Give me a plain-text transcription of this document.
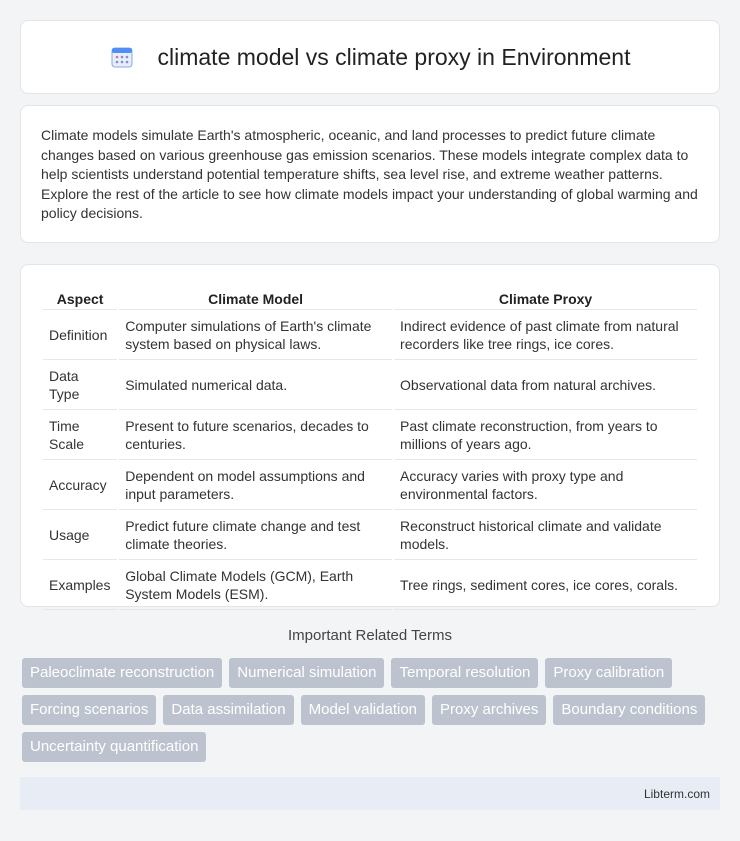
climate model vs climate proxy in Environment

Climate models simulate Earth's atmospheric, oceanic, and land processes to predict future climate changes based on various greenhouse gas emission scenarios. These models integrate complex data to help scientists understand potential temperature shifts, sea level rise, and extreme weather patterns. Explore the rest of the article to see how climate models impact your understanding of global warming and policy decisions.

Aspect	Climate Model	Climate Proxy
Definition	Computer simulations of Earth's climate system based on physical laws.	Indirect evidence of past climate from natural recorders like tree rings, ice cores.
Data Type	Simulated numerical data.	Observational data from natural archives.
Time Scale	Present to future scenarios, decades to centuries.	Past climate reconstruction, from years to millions of years ago.
Accuracy	Dependent on model assumptions and input parameters.	Accuracy varies with proxy type and environmental factors.
Usage	Predict future climate change and test climate theories.	Reconstruct historical climate and validate models.
Examples	Global Climate Models (GCM), Earth System Models (ESM).	Tree rings, sediment cores, ice cores, corals.
Important Related Terms
Paleoclimate reconstruction	Numerical simulation	Temporal resolution	Proxy calibration
Forcing scenarios	Data assimilation	Model validation	Proxy archives	Boundary conditions
Uncertainty quantification
Libterm.com
